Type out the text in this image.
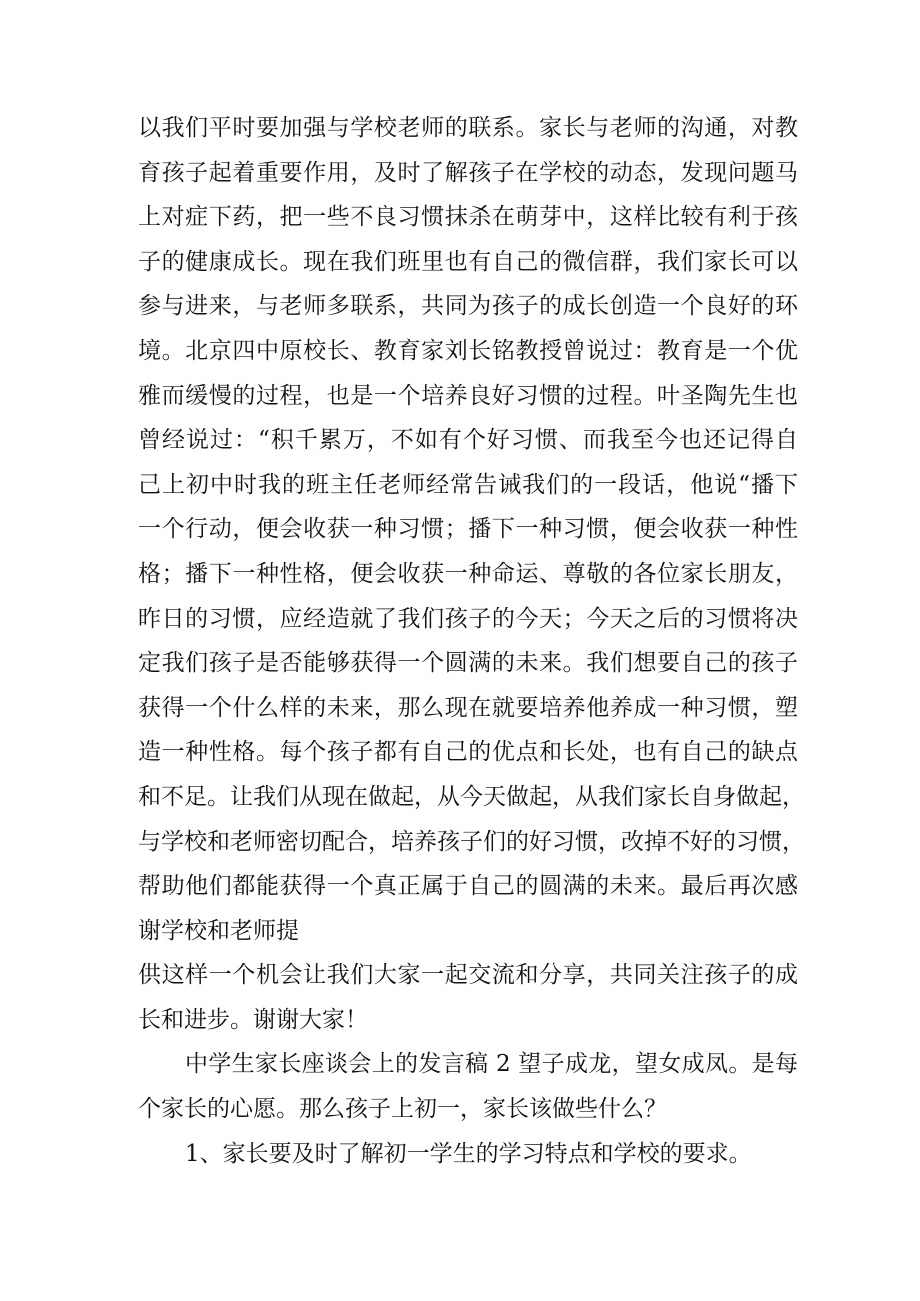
以我们平时要加强与学校老师的联系。家长与老师的沟通，对教
育孩子起着重要作用，及时了解孩子在学校的动态，发现问题马
上对症下药，把一些不良习惯抹杀在萌芽中，这样比较有利于孩
子的健康成长。现在我们班里也有自己的微信群，我们家长可以
参与进来，与老师多联系，共同为孩子的成长创造一个良好的环
境。北京四中原校长、教育家刘长铭教授曾说过：教育是一个优
雅而缓慢的过程，也是一个培养良好习惯的过程。叶圣陶先生也
曾经说过：“积千累万，不如有个好习惯、而我至今也还记得自
己上初中时我的班主任老师经常告诫我们的一段话，他说“播下
一个行动，便会收获一种习惯；播下一种习惯，便会收获一种性
格；播下一种性格，便会收获一种命运、尊敬的各位家长朋友，
昨日的习惯，应经造就了我们孩子的今天；今天之后的习惯将决
定我们孩子是否能够获得一个圆满的未来。我们想要自己的孩子
获得一个什么样的未来，那么现在就要培养他养成一种习惯，塑
造一种性格。每个孩子都有自己的优点和长处，也有自己的缺点
和不足。让我们从现在做起，从今天做起，从我们家长自身做起，
与学校和老师密切配合，培养孩子们的好习惯，改掉不好的习惯，
帮助他们都能获得一个真正属于自己的圆满的未来。最后再次感
谢学校和老师提
供这样一个机会让我们大家一起交流和分享，共同关注孩子的成
长和进步。谢谢大家！
中学生家长座谈会上的发言稿 2 望子成龙，望女成凤。是每
个家长的心愿。那么孩子上初一，家长该做些什么？
1、家长要及时了解初一学生的学习特点和学校的要求。
